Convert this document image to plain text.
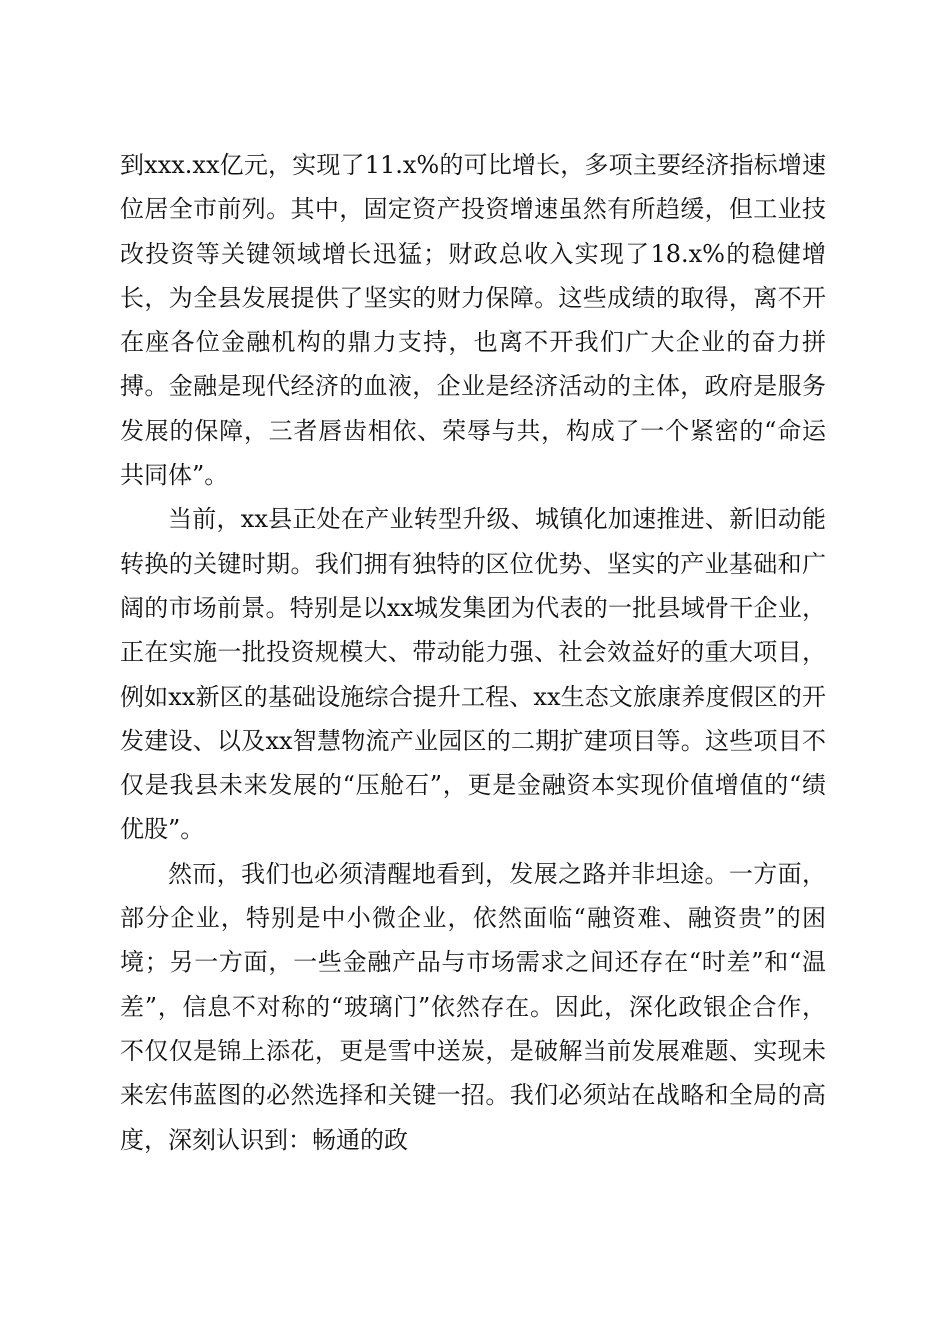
到xxx.xx亿元，实现了11.x%的可比增长，多项主要经济指标增速位居全市前列。其中，固定资产投资增速虽然有所趋缓，但工业技改投资等关键领域增长迅猛；财政总收入实现了18.x%的稳健增长，为全县发展提供了坚实的财力保障。这些成绩的取得，离不开在座各位金融机构的鼎力支持，也离不开我们广大企业的奋力拼搏。金融是现代经济的血液，企业是经济活动的主体，政府是服务发展的保障，三者唇齿相依、荣辱与共，构成了一个紧密的“命运共同体”。

当前，xx县正处在产业转型升级、城镇化加速推进、新旧动能转换的关键时期。我们拥有独特的区位优势、坚实的产业基础和广阔的市场前景。特别是以xx城发集团为代表的一批县域骨干企业，正在实施一批投资规模大、带动能力强、社会效益好的重大项目，例如xx新区的基础设施综合提升工程、xx生态文旅康养度假区的开发建设、以及xx智慧物流产业园区的二期扩建项目等。这些项目不仅是我县未来发展的“压舱石”，更是金融资本实现价值增值的“绩优股”。

然而，我们也必须清醒地看到，发展之路并非坦途。一方面，部分企业，特别是中小微企业，依然面临“融资难、融资贵”的困境；另一方面，一些金融产品与市场需求之间还存在“时差”和“温差”，信息不对称的“玻璃门”依然存在。因此，深化政银企合作，不仅仅是锦上添花，更是雪中送炭，是破解当前发展难题、实现未来宏伟蓝图的必然选择和关键一招。我们必须站在战略和全局的高度，深刻认识到：畅通的政
